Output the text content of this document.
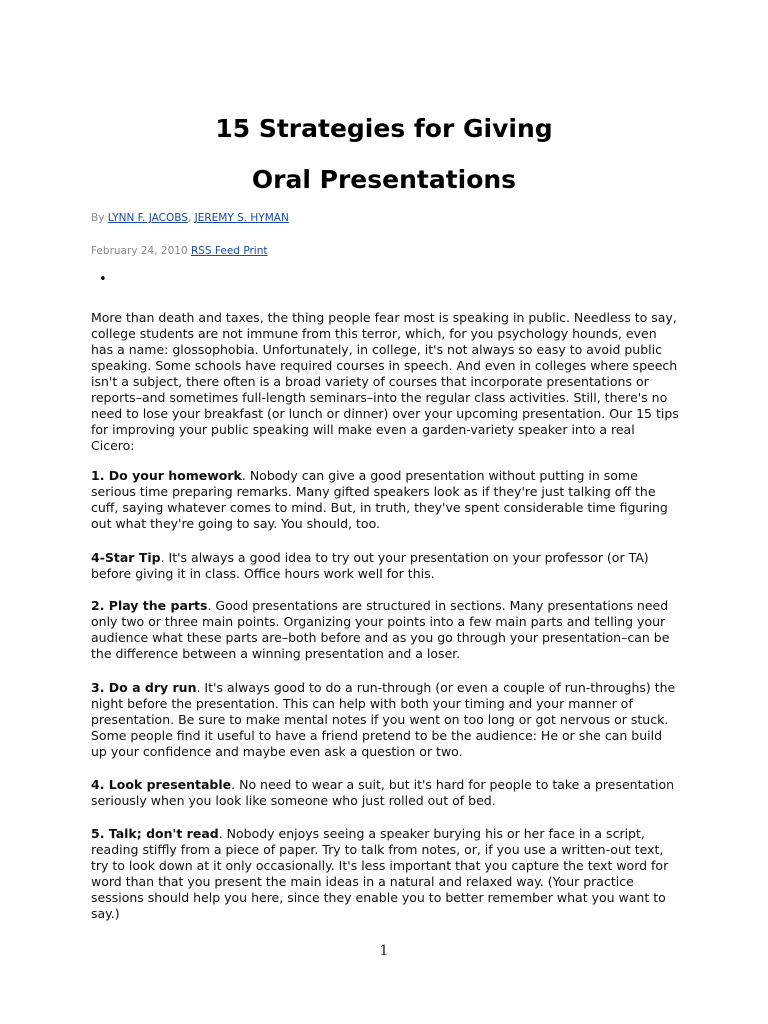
15 Strategies for Giving
Oral Presentations
By LYNN F. JACOBS, JEREMY S. HYMAN
February 24, 2010 RSS Feed Print
•

More than death and taxes, the thing people fear most is speaking in public. Needless to say, college students are not immune from this terror, which, for you psychology hounds, even has a name: glossophobia. Unfortunately, in college, it's not always so easy to avoid public speaking. Some schools have required courses in speech. And even in colleges where speech isn't a subject, there often is a broad variety of courses that incorporate presentations or reports–and sometimes full-length seminars–into the regular class activities. Still, there's no need to lose your breakfast (or lunch or dinner) over your upcoming presentation. Our 15 tips for improving your public speaking will make even a garden-variety speaker into a real Cicero:

1. Do your homework. Nobody can give a good presentation without putting in some serious time preparing remarks. Many gifted speakers look as if they're just talking off the cuff, saying whatever comes to mind. But, in truth, they've spent considerable time figuring out what they're going to say. You should, too.

4-Star Tip. It's always a good idea to try out your presentation on your professor (or TA) before giving it in class. Office hours work well for this.

2. Play the parts. Good presentations are structured in sections. Many presentations need only two or three main points. Organizing your points into a few main parts and telling your audience what these parts are–both before and as you go through your presentation–can be the difference between a winning presentation and a loser.

3. Do a dry run. It's always good to do a run-through (or even a couple of run-throughs) the night before the presentation. This can help with both your timing and your manner of presentation. Be sure to make mental notes if you went on too long or got nervous or stuck. Some people find it useful to have a friend pretend to be the audience: He or she can build up your confidence and maybe even ask a question or two.

4. Look presentable. No need to wear a suit, but it's hard for people to take a presentation seriously when you look like someone who just rolled out of bed.

5. Talk; don't read. Nobody enjoys seeing a speaker burying his or her face in a script, reading stiffly from a piece of paper. Try to talk from notes, or, if you use a written-out text, try to look down at it only occasionally. It's less important that you capture the text word for word than that you present the main ideas in a natural and relaxed way. (Your practice sessions should help you here, since they enable you to better remember what you want to say.)

1
